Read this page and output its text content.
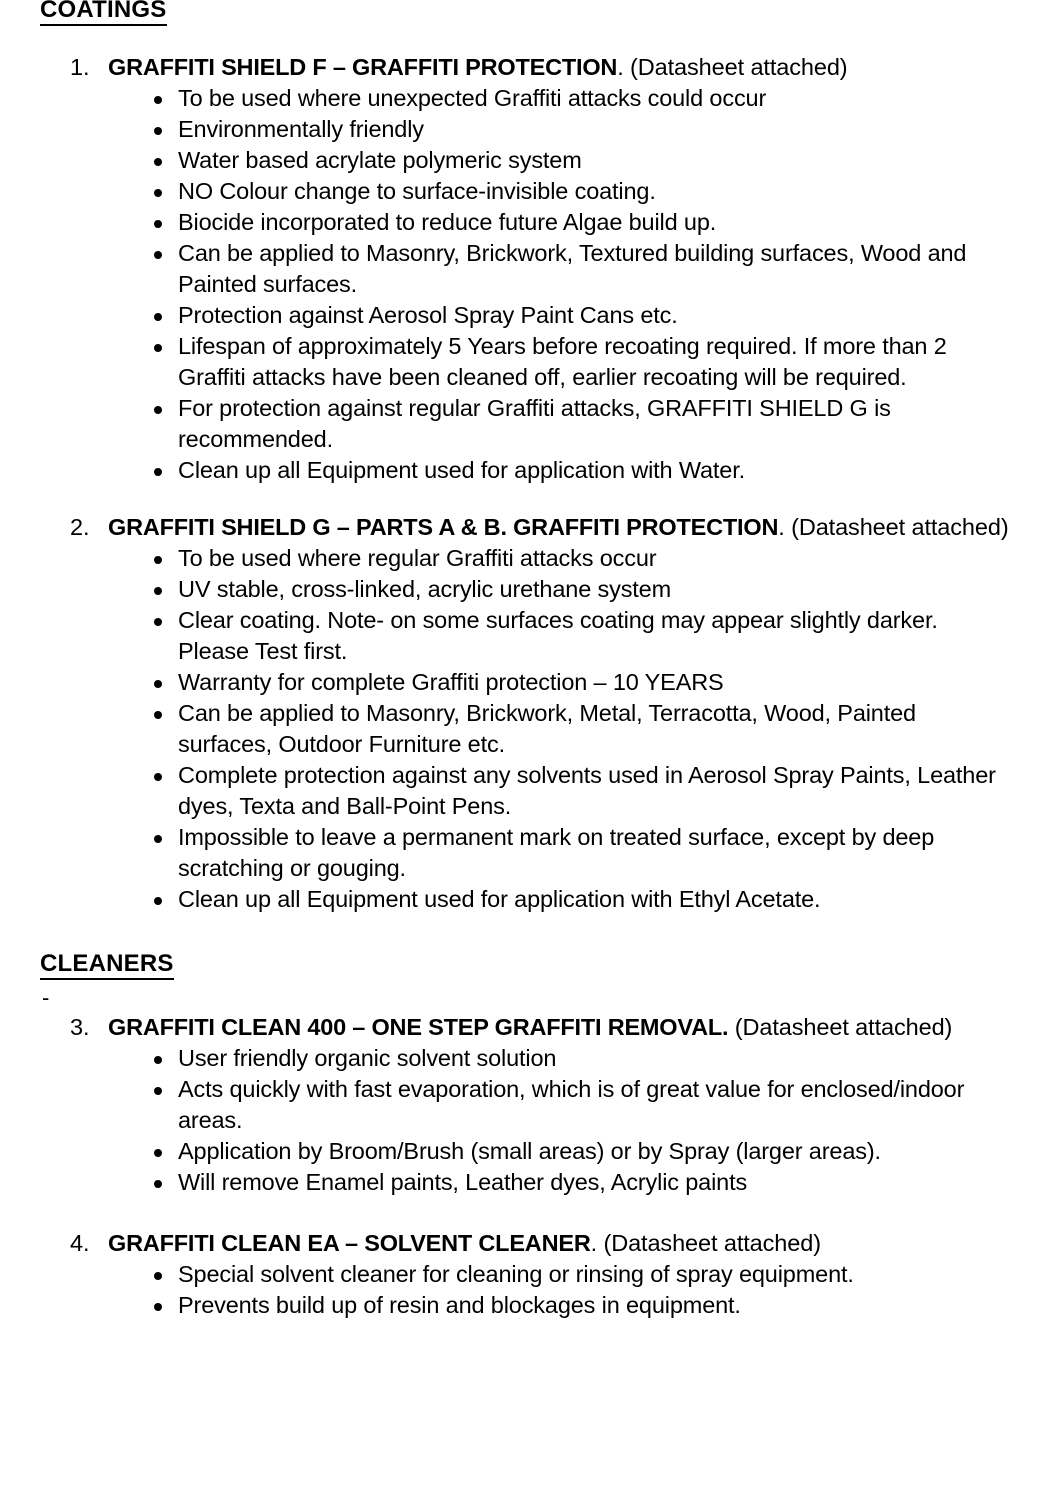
COATINGS
1. GRAFFITI SHIELD F – GRAFFITI PROTECTION. (Datasheet attached)
To be used where unexpected Graffiti attacks could occur
Environmentally friendly
Water based acrylate polymeric system
NO Colour change to surface-invisible coating.
Biocide incorporated to reduce future Algae build up.
Can be applied to Masonry, Brickwork, Textured building surfaces, Wood and Painted surfaces.
Protection against Aerosol Spray Paint Cans etc.
Lifespan of approximately 5 Years before recoating required. If more than 2 Graffiti attacks have been cleaned off, earlier recoating will be required.
For protection against regular Graffiti attacks, GRAFFITI SHIELD G is recommended.
Clean up all Equipment used for application with Water.
2. GRAFFITI SHIELD G – PARTS A & B. GRAFFITI PROTECTION. (Datasheet attached)
To be used where regular Graffiti attacks occur
UV stable, cross-linked, acrylic urethane system
Clear coating. Note- on some surfaces coating may appear slightly darker. Please Test first.
Warranty for complete Graffiti protection – 10 YEARS
Can be applied to Masonry, Brickwork, Metal, Terracotta, Wood, Painted surfaces, Outdoor Furniture etc.
Complete protection against any solvents used in Aerosol Spray Paints, Leather dyes, Texta and Ball-Point Pens.
Impossible to leave a permanent mark on treated surface, except by deep scratching or gouging.
Clean up all Equipment used for application with Ethyl Acetate.
CLEANERS
-
3. GRAFFITI CLEAN 400 – ONE STEP GRAFFITI REMOVAL. (Datasheet attached)
User friendly organic solvent solution
Acts quickly with fast evaporation, which is of great value for enclosed/indoor areas.
Application by Broom/Brush (small areas) or by Spray (larger areas).
Will remove Enamel paints, Leather dyes, Acrylic paints
4. GRAFFITI CLEAN EA – SOLVENT CLEANER. (Datasheet attached)
Special solvent cleaner for cleaning or rinsing of spray equipment.
Prevents build up of resin and blockages in equipment.
